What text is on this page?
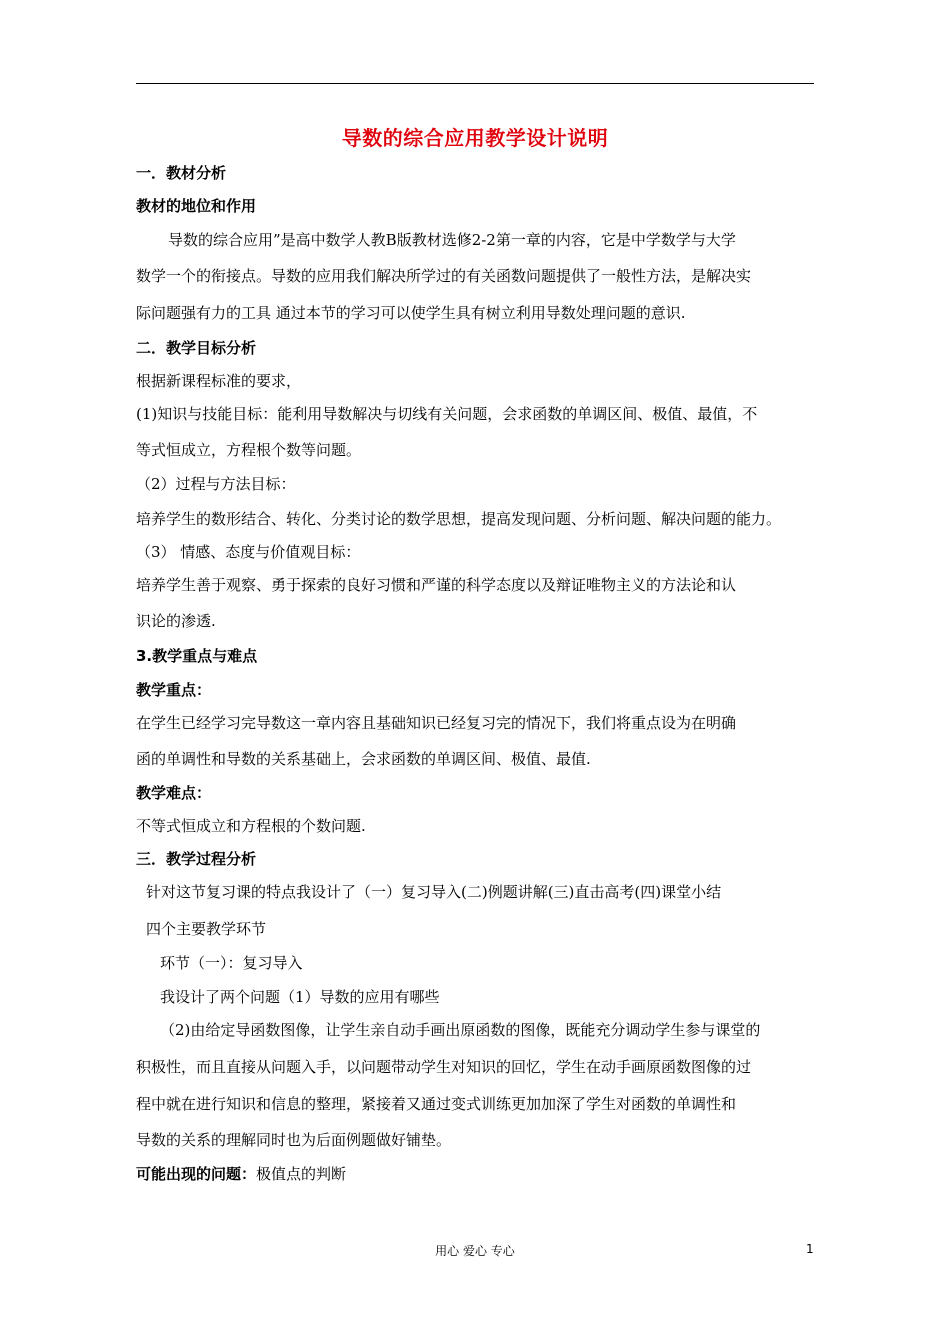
导数的综合应用教学设计说明
一．教材分析
教材的地位和作用
导数的综合应用”是高中数学人教B版教材选修2-2第一章的内容，它是中学数学与大学
数学一个的衔接点。导数的应用我们解决所学过的有关函数问题提供了一般性方法，是解决实
际问题强有力的工具 通过本节的学习可以使学生具有树立利用导数处理问题的意识.
二．教学目标分析
根据新课程标准的要求，
(1)知识与技能目标：能利用导数解决与切线有关问题，会求函数的单调区间、极值、最值，不
等式恒成立，方程根个数等问题。
（2）过程与方法目标：
培养学生的数形结合、转化、分类讨论的数学思想，提高发现问题、分析问题、解决问题的能力。
（3） 情感、态度与价值观目标：
培养学生善于观察、勇于探索的良好习惯和严谨的科学态度以及辩证唯物主义的方法论和认
识论的渗透.
3.教学重点与难点
教学重点：
在学生已经学习完导数这一章内容且基础知识已经复习完的情况下，我们将重点设为在明确
函的单调性和导数的关系基础上，会求函数的单调区间、极值、最值.
教学难点：
不等式恒成立和方程根的个数问题.
三．教学过程分析
针对这节复习课的特点我设计了（一）复习导入(二)例题讲解(三)直击高考(四)课堂小结
四个主要教学环节
环节（一）：复习导入
我设计了两个问题（1）导数的应用有哪些
（2)由给定导函数图像，让学生亲自动手画出原函数的图像，既能充分调动学生参与课堂的
积极性，而且直接从问题入手，以问题带动学生对知识的回忆，学生在动手画原函数图像的过
程中就在进行知识和信息的整理，紧接着又通过变式训练更加加深了学生对函数的单调性和
导数的关系的理解同时也为后面例题做好铺垫。
可能出现的问题：极值点的判断
用心 爱心 专心	1
